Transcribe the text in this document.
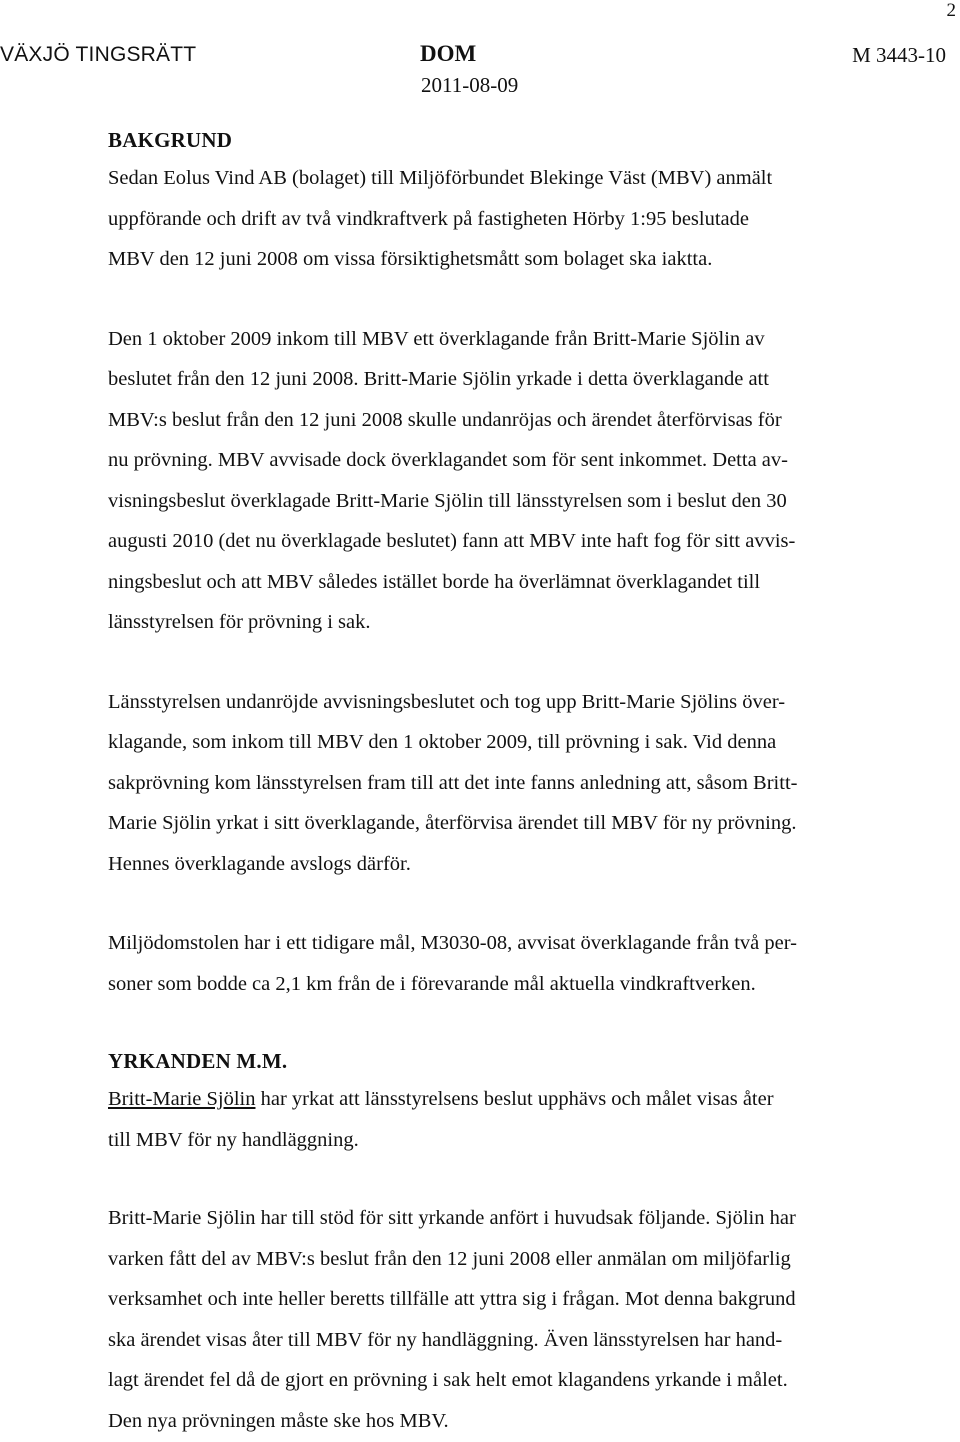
2
VÄXJÖ TINGSRÄTT	DOM
2011-08-09
M 3443-10
BAKGRUND

Sedan Eolus Vind AB (bolaget) till Miljöförbundet Blekinge Väst (MBV) anmält
uppförande och drift av två vindkraftverk på fastigheten Hörby 1:95 beslutade
MBV den 12 juni 2008 om vissa försiktighetsmått som bolaget ska iaktta.

Den 1 oktober 2009 inkom till MBV ett överklagande från Britt-Marie Sjölin av
beslutet från den 12 juni 2008. Britt-Marie Sjölin yrkade i detta överklagande att
MBV:s beslut från den 12 juni 2008 skulle undanröjas och ärendet återförvisas för
nu prövning. MBV avvisade dock överklagandet som för sent inkommet. Detta av-
visningsbeslut överklagade Britt-Marie Sjölin till länsstyrelsen som i beslut den 30
augusti 2010 (det nu överklagade beslutet) fann att MBV inte haft fog för sitt avvis-
ningsbeslut och att MBV således istället borde ha överlämnat överklagandet till
länsstyrelsen för prövning i sak.

Länsstyrelsen undanröjde avvisningsbeslutet och tog upp Britt-Marie Sjölins över-
klagande, som inkom till MBV den 1 oktober 2009, till prövning i sak. Vid denna
sakprövning kom länsstyrelsen fram till att det inte fanns anledning att, såsom Britt-
Marie Sjölin yrkat i sitt överklagande, återförvisa ärendet till MBV för ny prövning.
Hennes överklagande avslogs därför.

Miljödomstolen har i ett tidigare mål, M3030-08, avvisat överklagande från två per-
soner som bodde ca 2,1 km från de i förevarande mål aktuella vindkraftverken.

YRKANDEN M.M.

Britt-Marie Sjölin har yrkat att länsstyrelsens beslut upphävs och målet visas åter
till MBV för ny handläggning.

Britt-Marie Sjölin har till stöd för sitt yrkande anfört i huvudsak följande. Sjölin har
varken fått del av MBV:s beslut från den 12 juni 2008 eller anmälan om miljöfarlig
verksamhet och inte heller beretts tillfälle att yttra sig i frågan. Mot denna bakgrund
ska ärendet visas åter till MBV för ny handläggning. Även länsstyrelsen har hand-
lagt ärendet fel då de gjort en prövning i sak helt emot klagandens yrkande i målet.
Den nya prövningen måste ske hos MBV.
